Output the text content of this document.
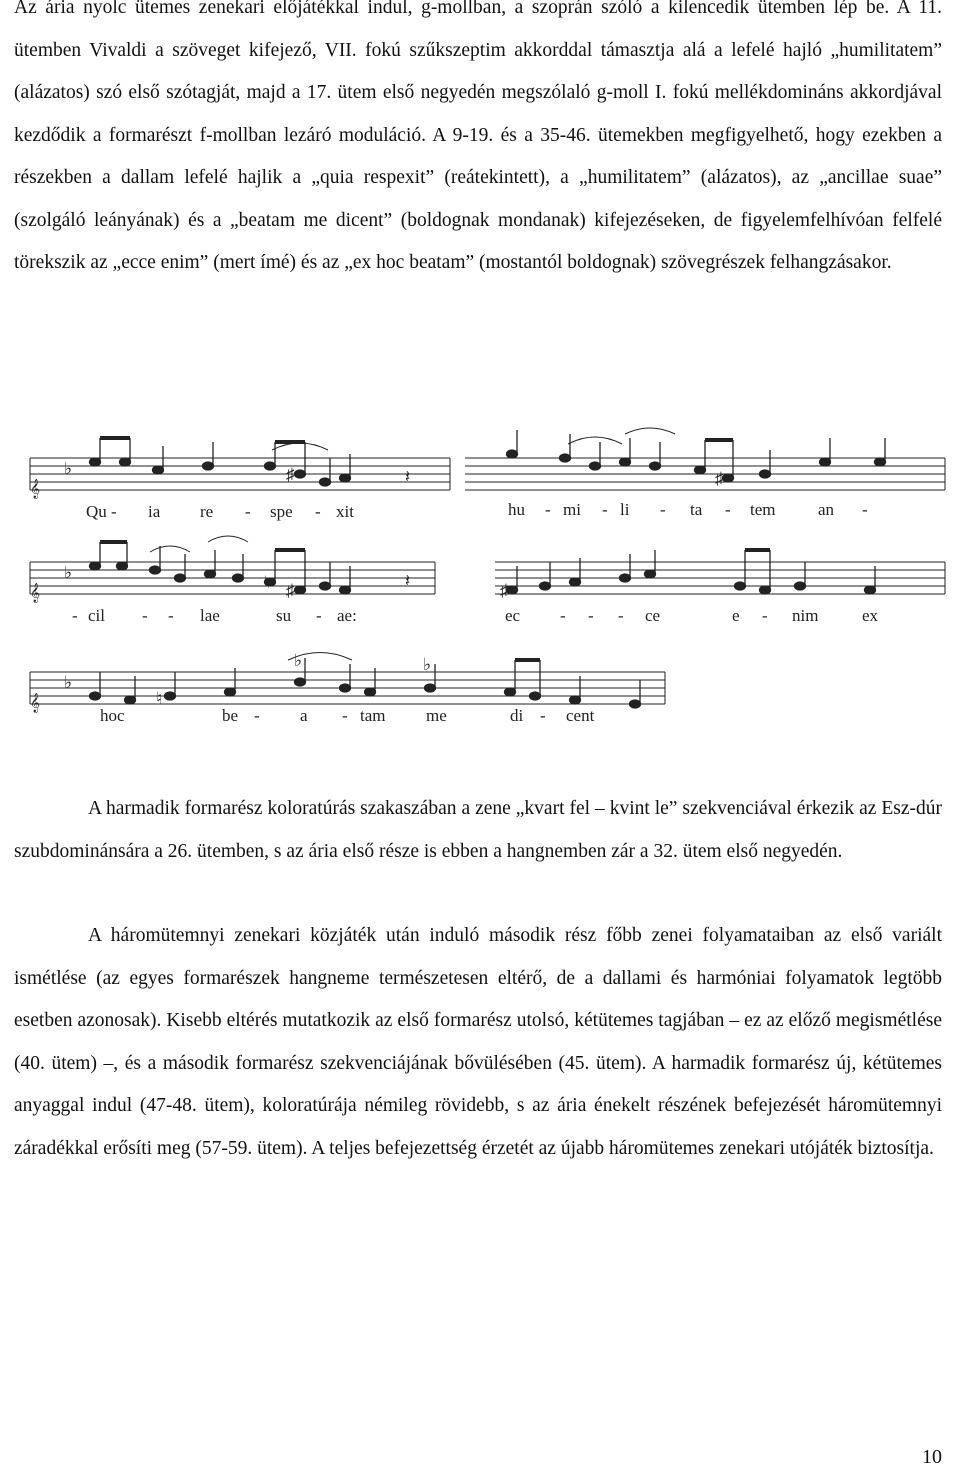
Az ária nyolc ütemes zenekari előjátékkal indul, g-mollban, a szoprán szóló a kilencedik ütemben lép be. A 11. ütemben Vivaldi a szöveget kifejező, VII. fokú szűkszeptim akkorddal támasztja alá a lefelé hajló „humilitatem” (alázatos) szó első szótagját, majd a 17. ütem első negyedén megszólaló g-moll I. fokú mellékdomináns akkordjával kezdődik a formarészt f-mollban lezáró moduláció. A 9-19. és a 35-46. ütemekben megfigyelhető, hogy ezekben a részekben a dallam lefelé hajlik a „quia respexit” (reátekintett), a „humilitatem” (alázatos), az „ancillae suae” (szolgáló leányának) és a „beatam me dicent” (boldognak mondanak) kifejezéseken, de figyelemfelhívóan felfelé törekszik az „ecce enim” (mert ímé) és az „ex hoc beatam” (mostantól boldognak) szövegrészek felhangzásakor.

𝄞
𝄞
𝄞
♭
♭
♭
♯	♯
♮ ♯	♯
♮
♭	♭
𝄽
𝄽
Qu - ia re - spe - xit	hu - mi - li - ta - tem	an -
- cil - - lae	su - ae:	ec - - - ce	e - nim	ex
hoc	be - a - tam me	di - cent

A harmadik formarész koloratúrás szakaszában a zene „kvart fel – kvint le” szekvenciával érkezik az Esz-dúr szubdominánsára a 26. ütemben, s az ária első része is ebben a hangnemben zár a 32. ütem első negyedén.

A háromütemnyi zenekari közjáték után induló második rész főbb zenei folyamataiban az első variált ismétlése (az egyes formarészek hangneme természetesen eltérő, de a dallami és harmóniai folyamatok legtöbb esetben azonosak). Kisebb eltérés mutatkozik az első formarész utolsó, kétütemes tagjában – ez az előző megismétlése (40. ütem) –, és a második formarész szekvenciájának bővülésében (45. ütem). A harmadik formarész új, kétütemes anyaggal indul (47-48. ütem), koloratúrája némileg rövidebb, s az ária énekelt részének befejezését háromütemnyi záradékkal erősíti meg (57-59. ütem). A teljes befejezettség érzetét az újabb háromütemes zenekari utójáték biztosítja.

10
